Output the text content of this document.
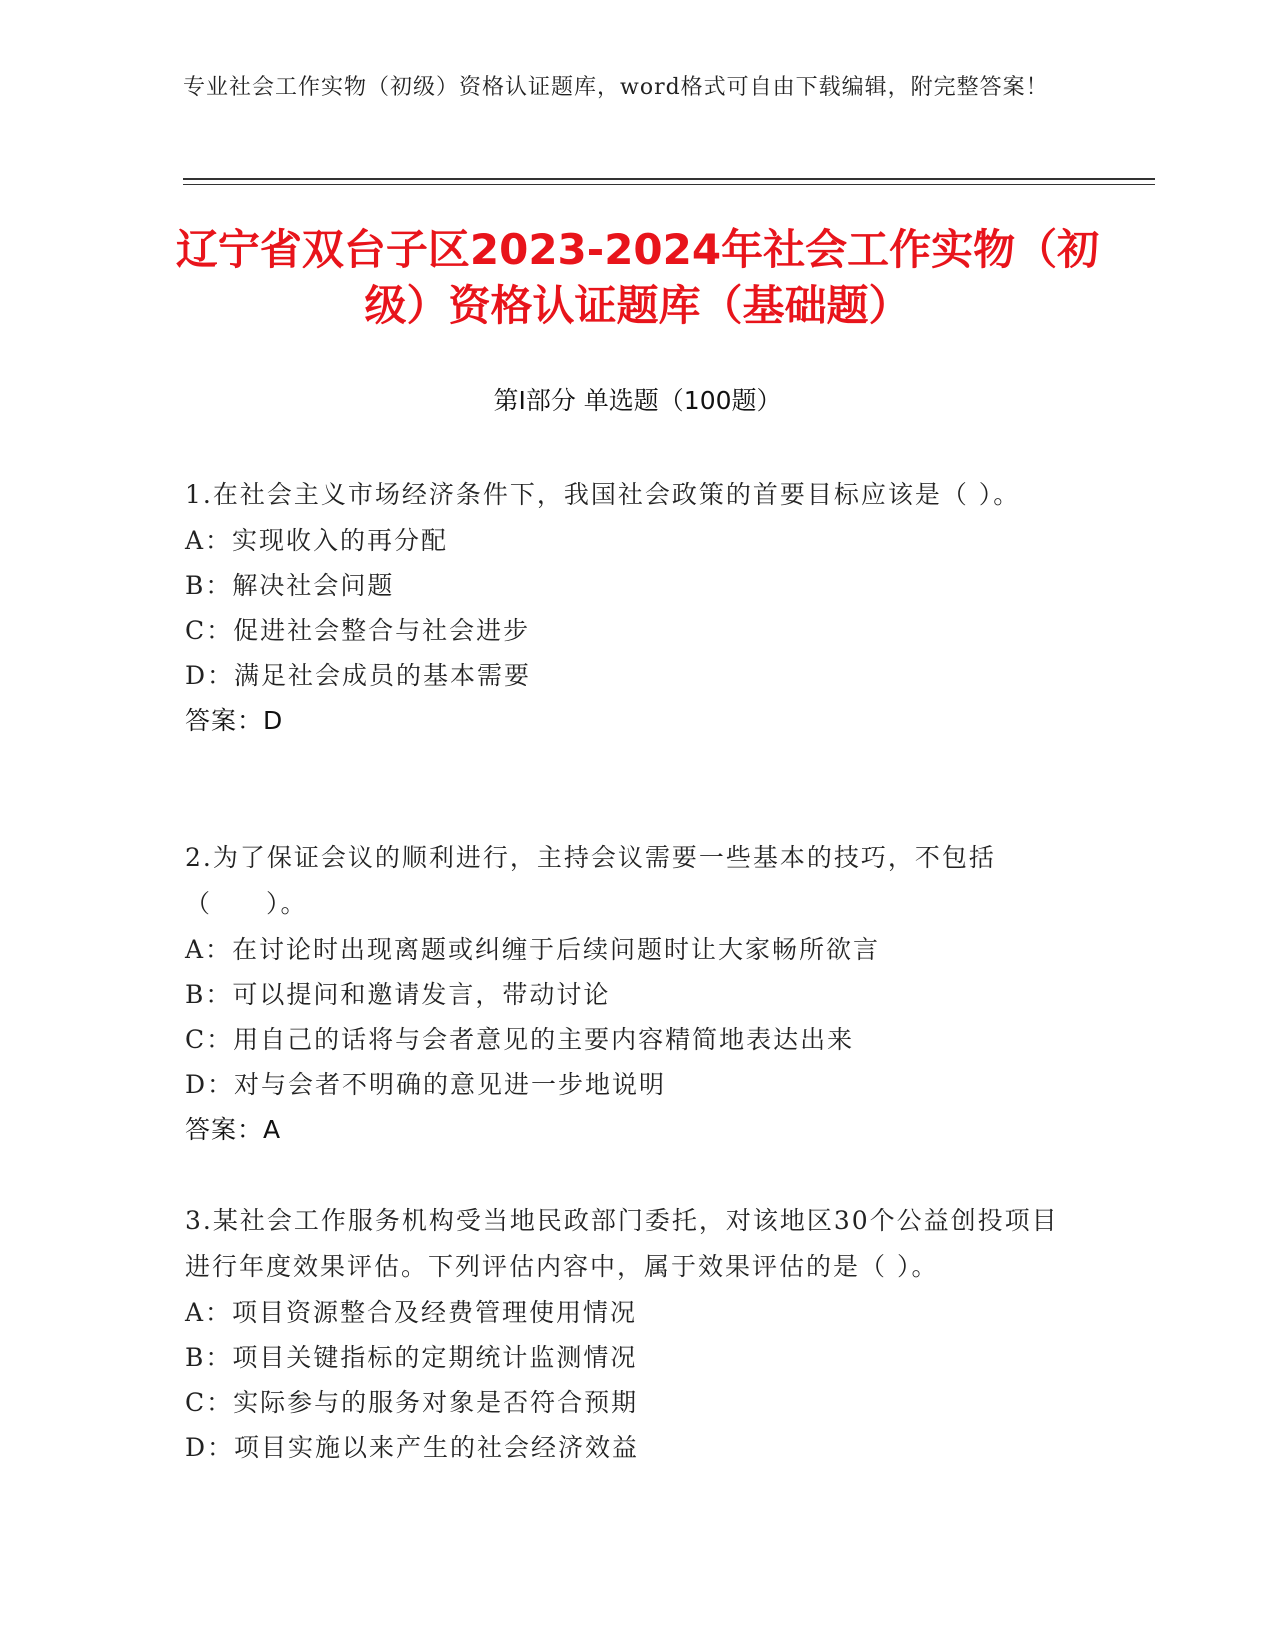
专业社会工作实物（初级）资格认证题库，word格式可自由下载编辑，附完整答案！
辽宁省双台子区2023-2024年社会工作实物（初级）资格认证题库（基础题）
第Ⅰ部分 单选题（100题）
1.在社会主义市场经济条件下，我国社会政策的首要目标应该是（ ）。
A：实现收入的再分配
B：解决社会问题
C：促进社会整合与社会进步
D：满足社会成员的基本需要
答案：D
2.为了保证会议的顺利进行，主持会议需要一些基本的技巧，不包括（　　）。
A：在讨论时出现离题或纠缠于后续问题时让大家畅所欲言
B：可以提问和邀请发言，带动讨论
C：用自己的话将与会者意见的主要内容精简地表达出来
D：对与会者不明确的意见进一步地说明
答案：A
3.某社会工作服务机构受当地民政部门委托，对该地区30个公益创投项目进行年度效果评估。下列评估内容中，属于效果评估的是（ ）。
A：项目资源整合及经费管理使用情况
B：项目关键指标的定期统计监测情况
C：实际参与的服务对象是否符合预期
D：项目实施以来产生的社会经济效益
